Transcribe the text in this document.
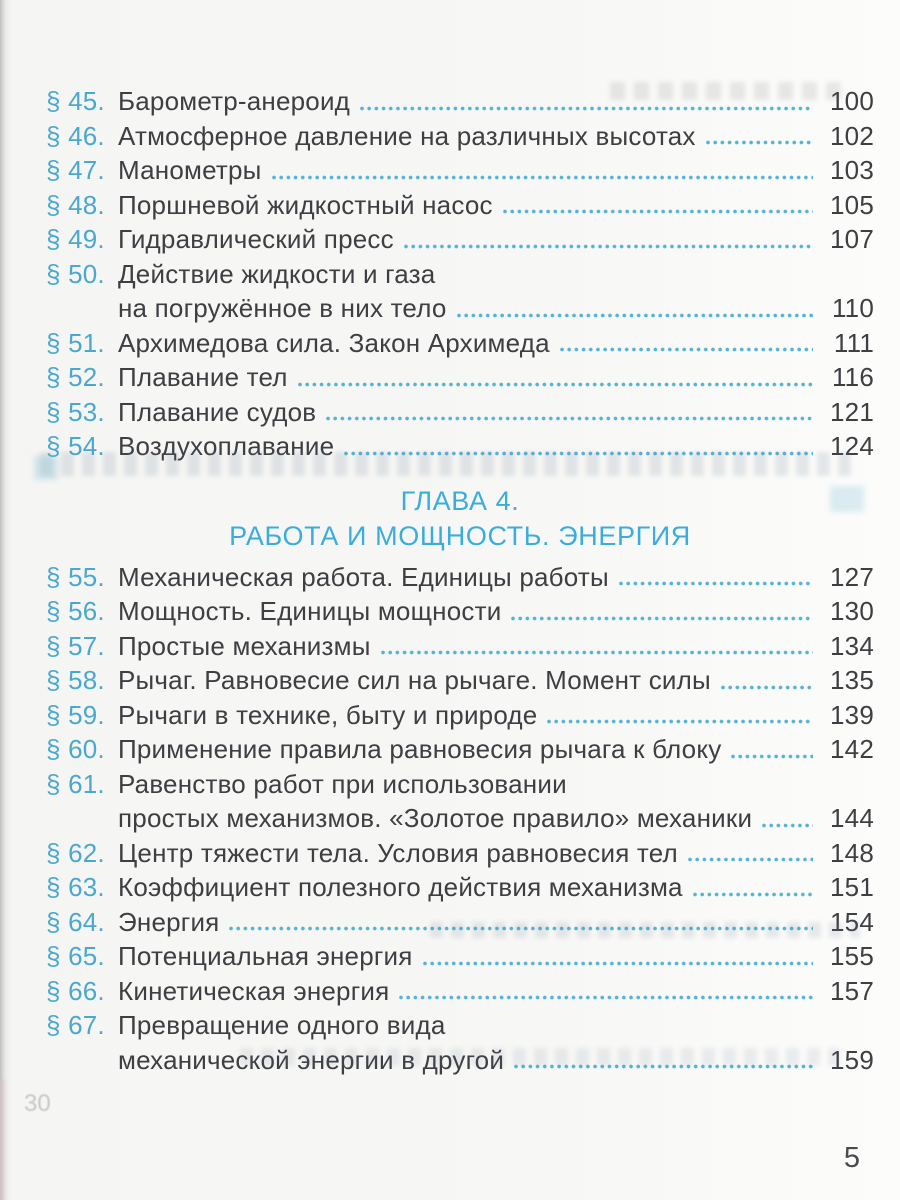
§ 45. Барометр-анероид	100
§ 46. Атмосферное давление на различных высотах	102
§ 47. Манометры	103
§ 48. Поршневой жидкостный насос	105
§ 49. Гидравлический пресс	107
§ 50. Действие жидкости и газа
на погружённое в них тело	110
§ 51. Архимедова сила. Закон Архимеда	111
§ 52. Плавание тел	116
§ 53. Плавание судов	121
§ 54. Воздухоплавание	124
ГЛАВА 4.
РАБОТА И МОЩНОСТЬ. ЭНЕРГИЯ
§ 55. Механическая работа. Единицы работы	127
§ 56. Мощность. Единицы мощности	130
§ 57. Простые механизмы	134
§ 58. Рычаг. Равновесие сил на рычаге. Момент силы	135
§ 59. Рычаги в технике, быту и природе	139
§ 60. Применение правила равновесия рычага к блоку	142
§ 61. Равенство работ при использовании
простых механизмов. «Золотое правило» механики	144
§ 62. Центр тяжести тела. Условия равновесия тел	148
§ 63. Коэффициент полезного действия механизма	151
§ 64. Энергия	154
§ 65. Потенциальная энергия	155
§ 66. Кинетическая энергия	157
§ 67. Превращение одного вида
механической энергии в другой	159
30
5
